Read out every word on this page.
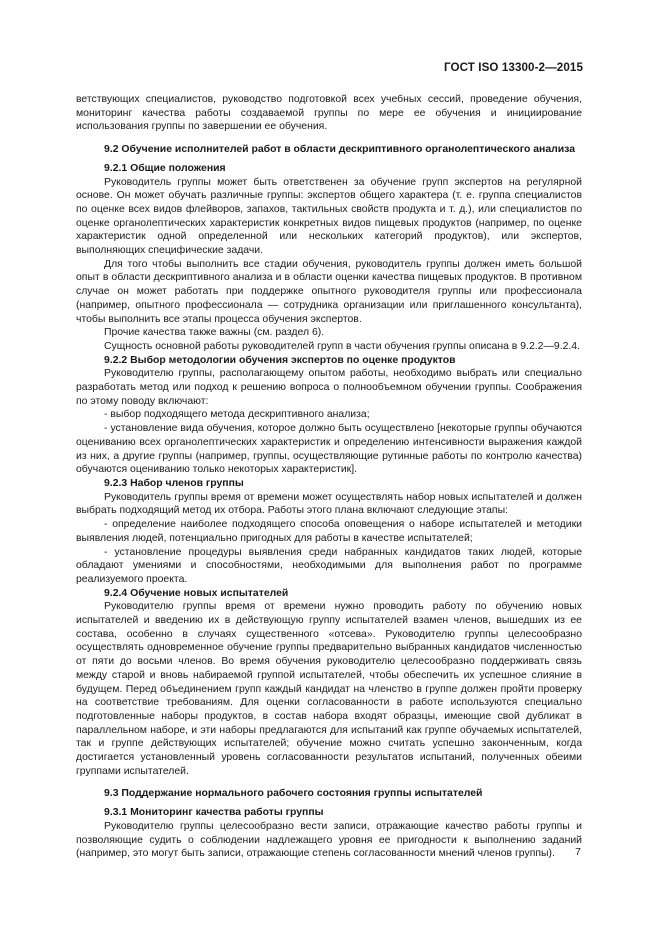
ГОСТ ISO 13300-2—2015

ветствующих специалистов, руководство подготовкой всех учебных сессий, проведение обучения, мониторинг качества работы создаваемой группы по мере ее обучения и инициирование использования группы по завершении ее обучения.

9.2 Обучение исполнителей работ в области дескриптивного органолептического анализа

9.2.1 Общие положения

Руководитель группы может быть ответственен за обучение групп экспертов на регулярной основе. Он может обучать различные группы: экспертов общего характера (т. е. группа специалистов по оценке всех видов флейворов, запахов, тактильных свойств продукта и т. д.), или специалистов по оценке органолептических характеристик конкретных видов пищевых продуктов (например, по оценке характеристик одной определенной или нескольких категорий продуктов), или экспертов, выполняющих специфические задачи.

Для того чтобы выполнить все стадии обучения, руководитель группы должен иметь большой опыт в области дескриптивного анализа и в области оценки качества пищевых продуктов. В противном случае он может работать при поддержке опытного руководителя группы или профессионала (например, опытного профессионала — сотрудника организации или приглашенного консультанта), чтобы выполнить все этапы процесса обучения экспертов.

Прочие качества также важны (см. раздел 6).

Сущность основной работы руководителей групп в части обучения группы описана в 9.2.2—9.2.4.

9.2.2 Выбор методологии обучения экспертов по оценке продуктов

Руководителю группы, располагающему опытом работы, необходимо выбрать или специально разработать метод или подход к решению вопроса о полнообъемном обучении группы. Соображения по этому поводу включают:

- выбор подходящего метода дескриптивного анализа;

- установление вида обучения, которое должно быть осуществлено [некоторые группы обучаются оцениванию всех органолептических характеристик и определению интенсивности выражения каждой из них, а другие группы (например, группы, осуществляющие рутинные работы по контролю качества) обучаются оцениванию только некоторых характеристик].

9.2.3 Набор членов группы

Руководитель группы время от времени может осуществлять набор новых испытателей и должен выбрать подходящий метод их отбора. Работы этого плана включают следующие этапы:

- определение наиболее подходящего способа оповещения о наборе испытателей и методики выявления людей, потенциально пригодных для работы в качестве испытателей;

- установление процедуры выявления среди набранных кандидатов таких людей, которые обладают умениями и способностями, необходимыми для выполнения работ по программе реализуемого проекта.

9.2.4 Обучение новых испытателей

Руководителю группы время от времени нужно проводить работу по обучению новых испытателей и введению их в действующую группу испытателей взамен членов, вышедших из ее состава, особенно в случаях существенного «отсева». Руководителю группы целесообразно осуществлять одновременное обучение группы предварительно выбранных кандидатов численностью от пяти до восьми членов. Во время обучения руководителю целесообразно поддерживать связь между старой и вновь набираемой группой испытателей, чтобы обеспечить их успешное слияние в будущем. Перед объединением групп каждый кандидат на членство в группе должен пройти проверку на соответствие требованиям. Для оценки согласованности в работе используются специально подготовленные наборы продуктов, в состав набора входят образцы, имеющие свой дубликат в параллельном наборе, и эти наборы предлагаются для испытаний как группе обучаемых испытателей, так и группе действующих испытателей; обучение можно считать успешно законченным, когда достигается установленный уровень согласованности результатов испытаний, полученных обеими группами испытателей.

9.3 Поддержание нормального рабочего состояния группы испытателей

9.3.1 Мониторинг качества работы группы

Руководителю группы целесообразно вести записи, отражающие качество работы группы и позволяющие судить о соблюдении надлежащего уровня ее пригодности к выполнению заданий (например, это могут быть записи, отражающие степень согласованности мнений членов группы).	7
